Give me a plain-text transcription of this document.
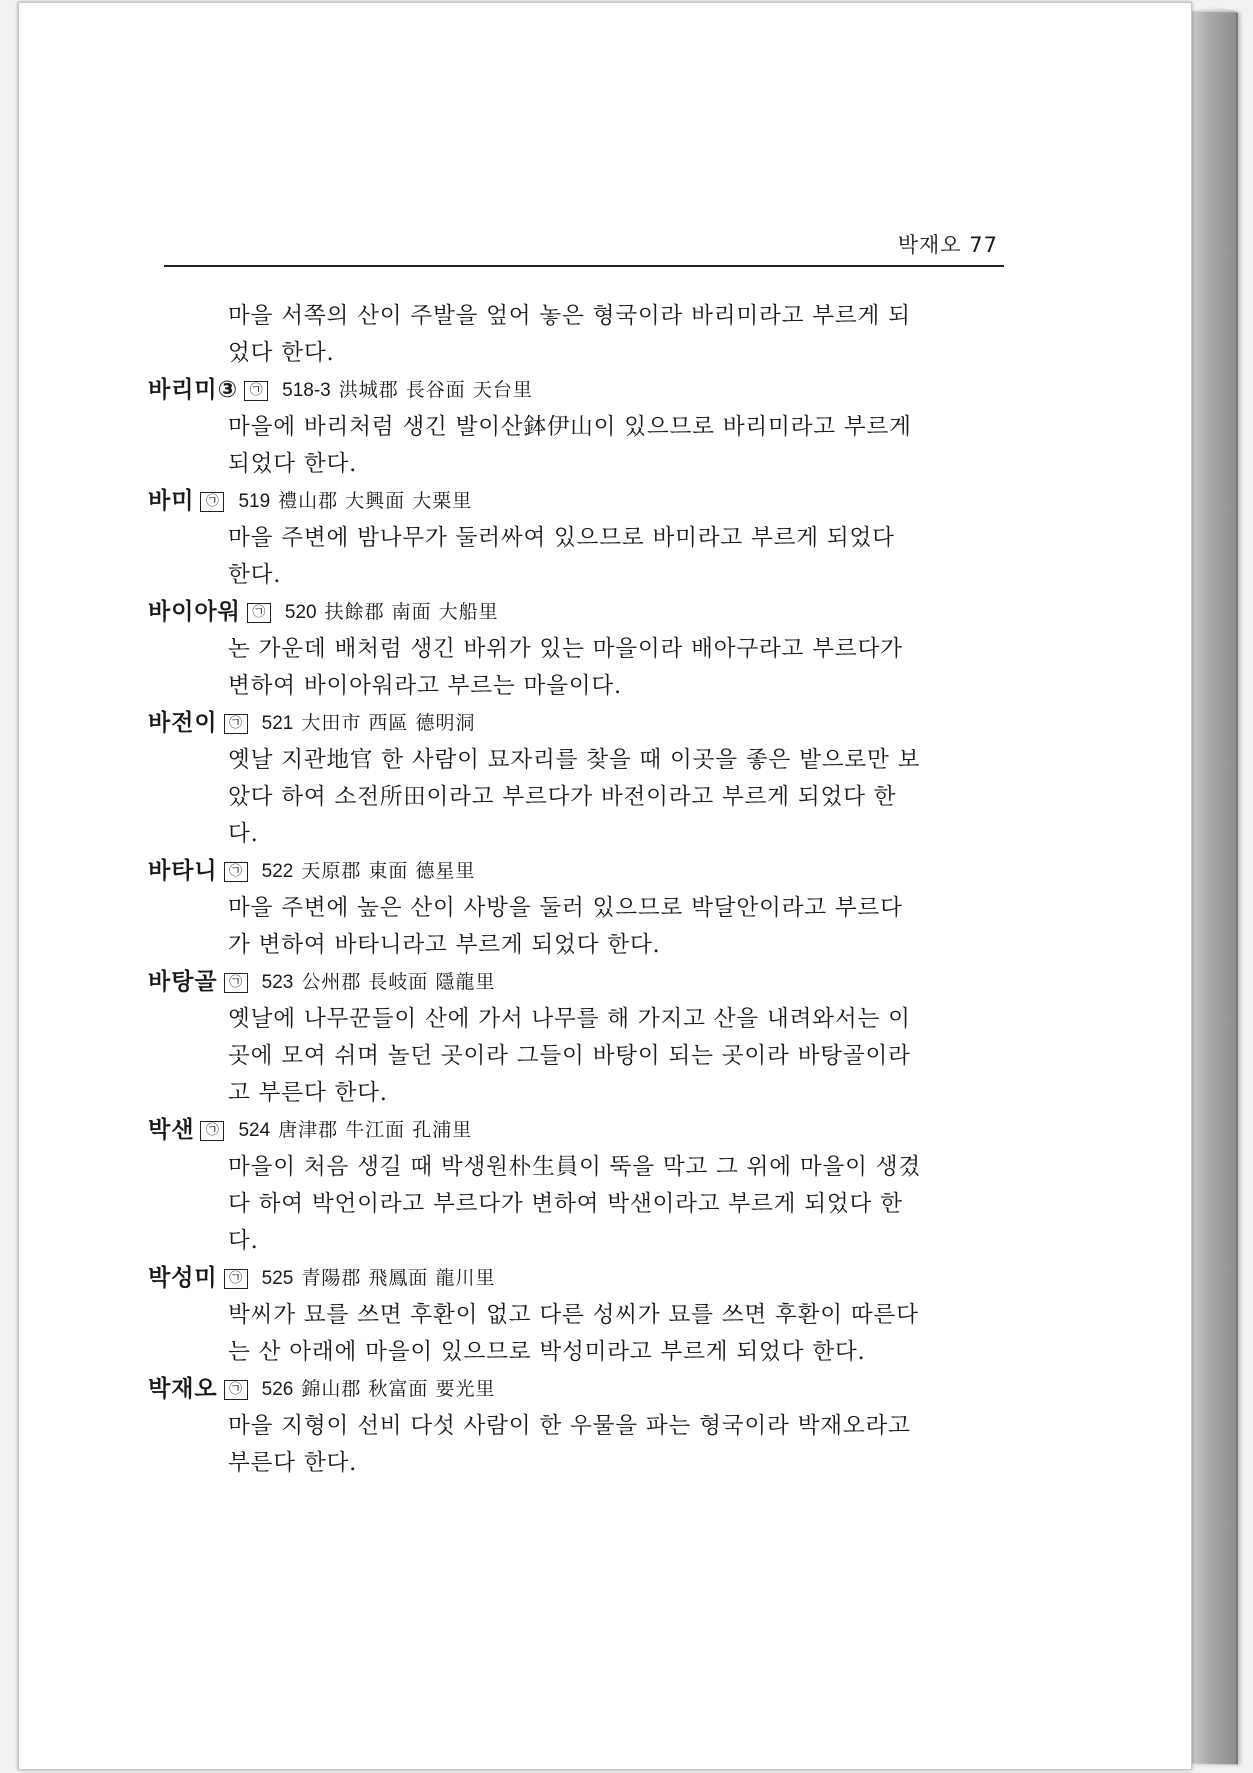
박재오 77
마을 서쪽의 산이 주발을 엎어 놓은 형국이라 바리미라고 부르게 되
었다 한다.
바리미③ ㉠ 518-3 洪城郡 長谷面 天台里
마을에 바리처럼 생긴 발이산鉢伊山이 있으므로 바리미라고 부르게
되었다 한다.
바미 ㉠ 519 禮山郡 大興面 大栗里
마을 주변에 밤나무가 둘러싸여 있으므로 바미라고 부르게 되었다
한다.
바이아워 ㉠ 520 扶餘郡 南面 大船里
논 가운데 배처럼 생긴 바위가 있는 마을이라 배아구라고 부르다가
변하여 바이아워라고 부르는 마을이다.
바전이 ㉠ 521 大田市 西區 德明洞
옛날 지관地官 한 사람이 묘자리를 찾을 때 이곳을 좋은 밭으로만 보
았다 하여 소전所田이라고 부르다가 바전이라고 부르게 되었다 한
다.
바타니 ㉠ 522 天原郡 東面 德星里
마을 주변에 높은 산이 사방을 둘러 있으므로 박달안이라고 부르다
가 변하여 바타니라고 부르게 되었다 한다.
바탕골 ㉠ 523 公州郡 長岐面 隱龍里
옛날에 나무꾼들이 산에 가서 나무를 해 가지고 산을 내려와서는 이
곳에 모여 쉬며 놀던 곳이라 그들이 바탕이 되는 곳이라 바탕골이라
고 부른다 한다.
박샌 ㉠ 524 唐津郡 牛江面 孔浦里
마을이 처음 생길 때 박생원朴生員이 뚝을 막고 그 위에 마을이 생겼
다 하여 박언이라고 부르다가 변하여 박샌이라고 부르게 되었다 한
다.
박성미 ㉠ 525 青陽郡 飛鳳面 龍川里
박씨가 묘를 쓰면 후환이 없고 다른 성씨가 묘를 쓰면 후환이 따른다
는 산 아래에 마을이 있으므로 박성미라고 부르게 되었다 한다.
박재오 ㉠ 526 錦山郡 秋富面 要光里
마을 지형이 선비 다섯 사람이 한 우물을 파는 형국이라 박재오라고
부른다 한다.
